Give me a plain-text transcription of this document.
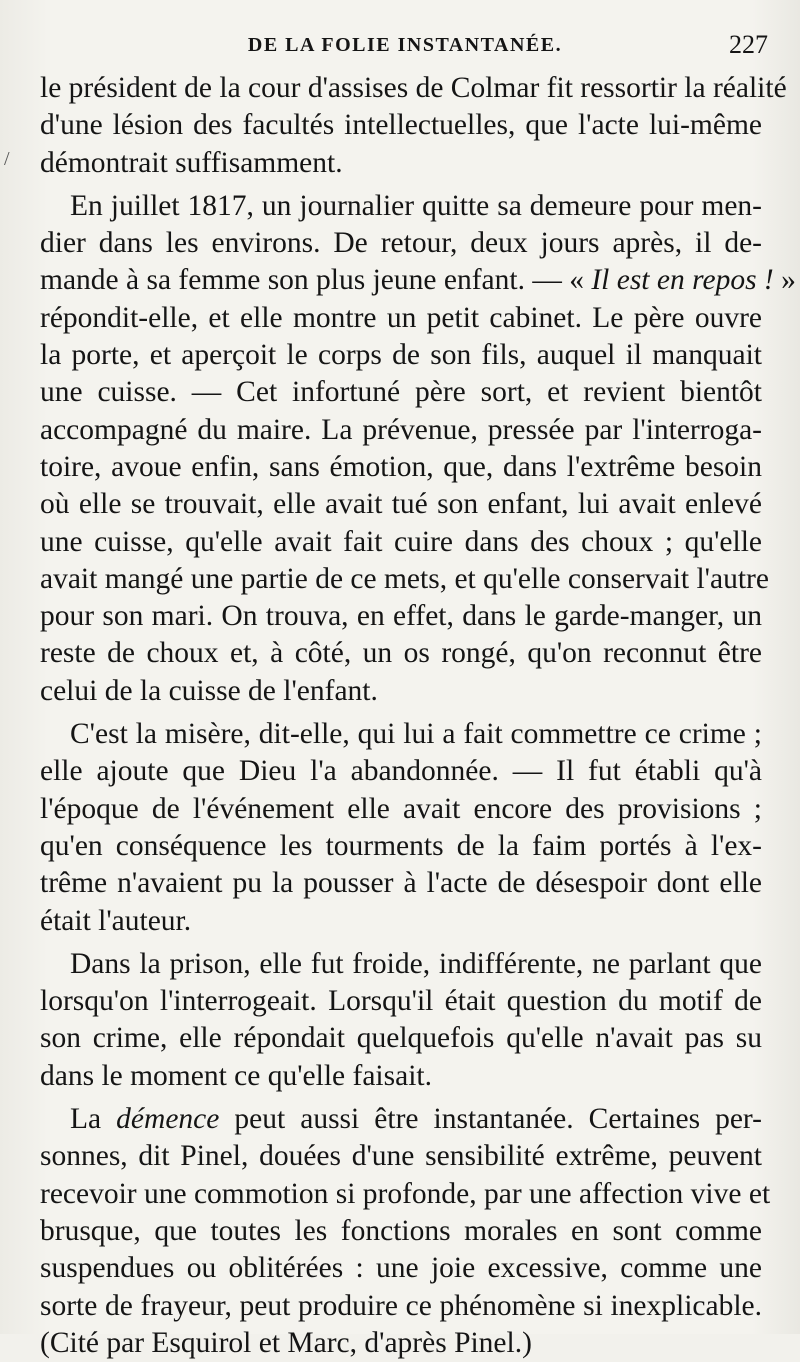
DE LA FOLIE INSTANTANÉE.	227
/
le président de la cour d'assises de Colmar fit ressortir la réalité
d'une lésion des facultés intellectuelles, que l'acte lui-même
démontrait suffisamment.
En juillet 1817, un journalier quitte sa demeure pour men-
dier dans les environs. De retour, deux jours après, il de-
mande à sa femme son plus jeune enfant. — « Il est en repos ! »
répondit-elle, et elle montre un petit cabinet. Le père ouvre
la porte, et aperçoit le corps de son fils, auquel il manquait
une cuisse. — Cet infortuné père sort, et revient bientôt
accompagné du maire. La prévenue, pressée par l'interroga-
toire, avoue enfin, sans émotion, que, dans l'extrême besoin
où elle se trouvait, elle avait tué son enfant, lui avait enlevé
une cuisse, qu'elle avait fait cuire dans des choux ; qu'elle
avait mangé une partie de ce mets, et qu'elle conservait l'autre
pour son mari. On trouva, en effet, dans le garde-manger, un
reste de choux et, à côté, un os rongé, qu'on reconnut être
celui de la cuisse de l'enfant.
C'est la misère, dit-elle, qui lui a fait commettre ce crime ;
elle ajoute que Dieu l'a abandonnée. — Il fut établi qu'à
l'époque de l'événement elle avait encore des provisions ;
qu'en conséquence les tourments de la faim portés à l'ex-
trême n'avaient pu la pousser à l'acte de désespoir dont elle
était l'auteur.
Dans la prison, elle fut froide, indifférente, ne parlant que
lorsqu'on l'interrogeait. Lorsqu'il était question du motif de
son crime, elle répondait quelquefois qu'elle n'avait pas su
dans le moment ce qu'elle faisait.
La démence peut aussi être instantanée. Certaines per-
sonnes, dit Pinel, douées d'une sensibilité extrême, peuvent
recevoir une commotion si profonde, par une affection vive et
brusque, que toutes les fonctions morales en sont comme
suspendues ou oblitérées : une joie excessive, comme une
sorte de frayeur, peut produire ce phénomène si inexplicable.
(Cité par Esquirol et Marc, d'après Pinel.)
